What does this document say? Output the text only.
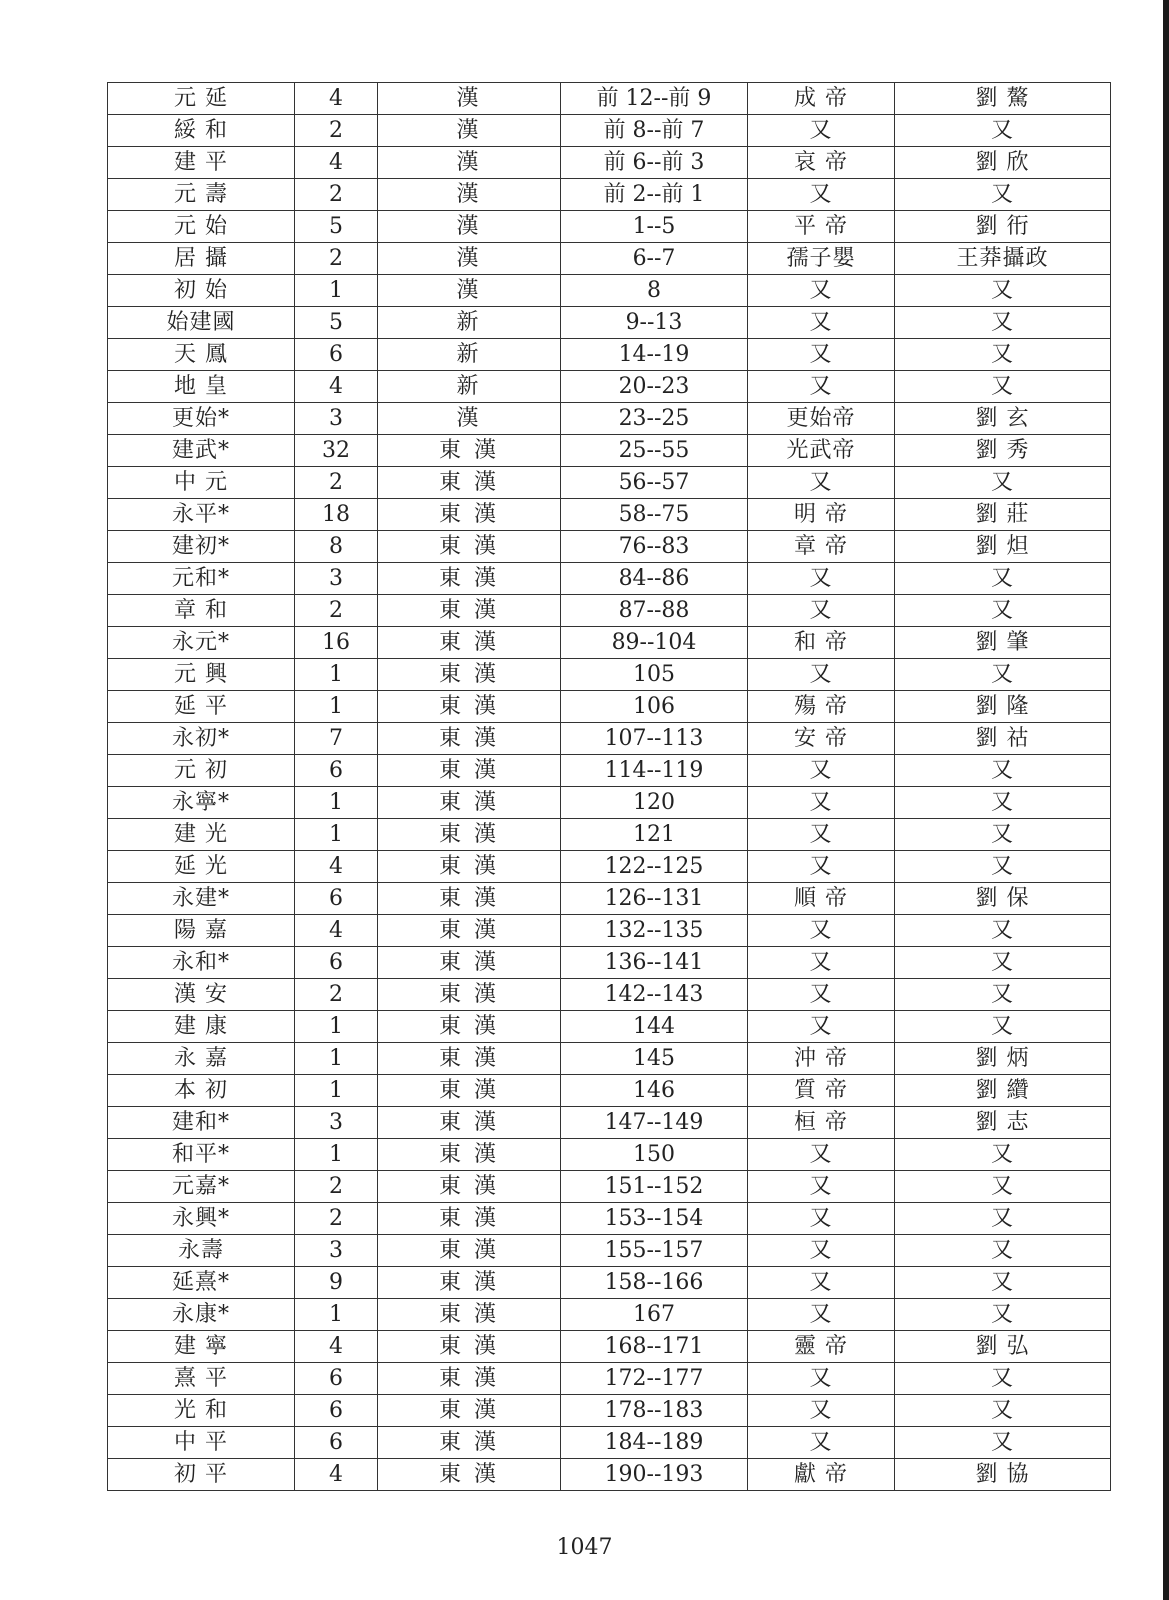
元 延	4	漢	前 12--前 9	成 帝	劉 驁
綏 和	2	漢	前 8--前 7	又	又
建 平	4	漢	前 6--前 3	哀 帝	劉 欣
元 壽	2	漢	前 2--前 1	又	又
元 始	5	漢	1--5	平 帝	劉 衎
居 攝	2	漢	6--7	孺子嬰	王莽攝政
初 始	1	漢	8	又	又
始建國	5	新	9--13	又	又
天 鳳	6	新	14--19	又	又
地 皇	4	新	20--23	又	又
更始*	3	漢	23--25	更始帝	劉 玄
建武*	32	東 漢	25--55	光武帝	劉 秀
中 元	2	東 漢	56--57	又	又
永平*	18	東 漢	58--75	明 帝	劉 莊
建初*	8	東 漢	76--83	章 帝	劉 炟
元和*	3	東 漢	84--86	又	又
章 和	2	東 漢	87--88	又	又
永元*	16	東 漢	89--104	和 帝	劉 肇
元 興	1	東 漢	105	又	又
延 平	1	東 漢	106	殤 帝	劉 隆
永初*	7	東 漢	107--113	安 帝	劉 祜
元 初	6	東 漢	114--119	又	又
永寧*	1	東 漢	120	又	又
建 光	1	東 漢	121	又	又
延 光	4	東 漢	122--125	又	又
永建*	6	東 漢	126--131	順 帝	劉 保
陽 嘉	4	東 漢	132--135	又	又
永和*	6	東 漢	136--141	又	又
漢 安	2	東 漢	142--143	又	又
建 康	1	東 漢	144	又	又
永 嘉	1	東 漢	145	沖 帝	劉 炳
本 初	1	東 漢	146	質 帝	劉 纘
建和*	3	東 漢	147--149	桓 帝	劉 志
和平*	1	東 漢	150	又	又
元嘉*	2	東 漢	151--152	又	又
永興*	2	東 漢	153--154	又	又
永壽	3	東 漢	155--157	又	又
延熹*	9	東 漢	158--166	又	又
永康*	1	東 漢	167	又	又
建 寧	4	東 漢	168--171	靈 帝	劉 弘
熹 平	6	東 漢	172--177	又	又
光 和	6	東 漢	178--183	又	又
中 平	6	東 漢	184--189	又	又
初 平	4	東 漢	190--193	獻 帝	劉 協
1047
